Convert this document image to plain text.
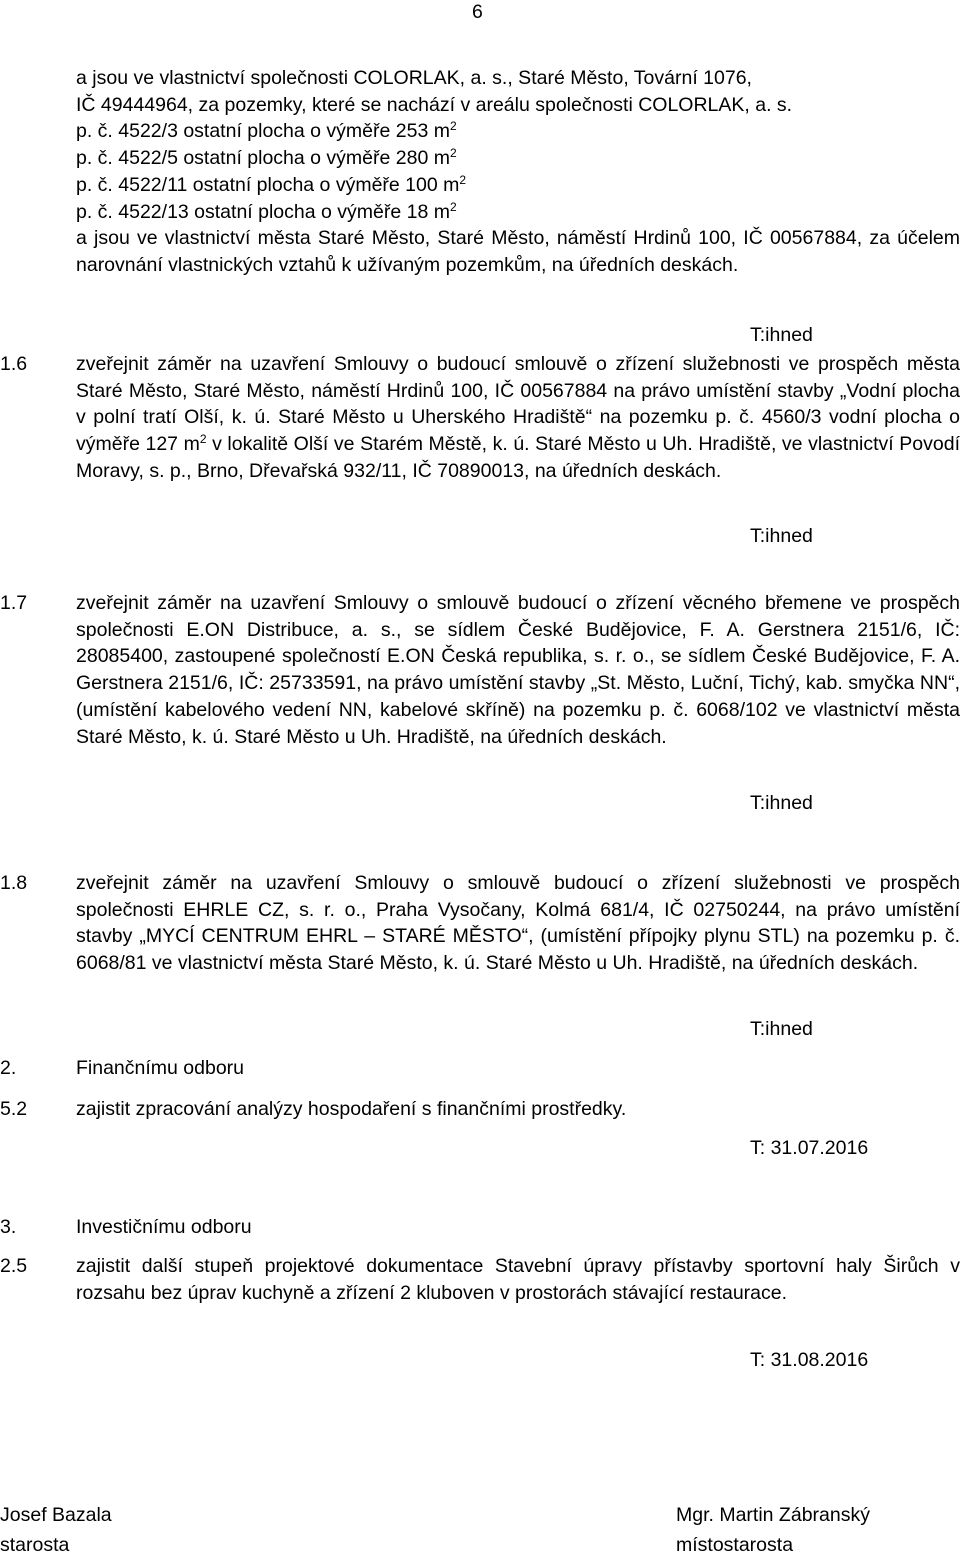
6
a jsou ve vlastnictví společnosti COLORLAK, a. s., Staré Město, Tovární 1076,
IČ 49444964, za pozemky, které se nachází v areálu společnosti COLORLAK, a. s.
p. č. 4522/3 ostatní plocha o výměře 253 $m^2$
p. č. 4522/5 ostatní plocha o výměře 280 $m^2$
p. č. 4522/11 ostatní plocha o výměře 100 $m^2$
p. č. 4522/13 ostatní plocha o výměře 18 $m^2$
a jsou ve vlastnictví města Staré Město, Staré Město, náměstí Hrdinů 100, IČ 00567884, za účelem narovnání vlastnických vztahů k užívaným pozemkům, na úředních deskách.
T:ihned
1.6	zveřejnit záměr na uzavření Smlouvy o budoucí smlouvě o zřízení služebnosti ve prospěch města Staré Město, Staré Město, náměstí Hrdinů 100, IČ 00567884 na právo umístění stavby „Vodní plocha v polní tratí Olší, k. ú. Staré Město u Uherského Hradiště“ na pozemku p. č. 4560/3 vodní plocha o výměře 127 $m^2$ v lokalitě Olší ve Starém Městě, k. ú. Staré Město u Uh. Hradiště, ve vlastnictví Povodí Moravy, s. p., Brno, Dřevařská 932/11, IČ 70890013, na úředních deskách.
T:ihned
1.7	zveřejnit záměr na uzavření Smlouvy o smlouvě budoucí o zřízení věcného břemene ve prospěch společnosti E.ON Distribuce, a. s., se sídlem České Budějovice, F. A. Gerstnera 2151/6, IČ: 28085400, zastoupené společností E.ON Česká republika, s. r. o., se sídlem České Budějovice, F. A. Gerstnera 2151/6, IČ: 25733591, na právo umístění stavby „St. Město, Luční, Tichý, kab. smyčka NN“, (umístění kabelového vedení NN, kabelové skříně) na pozemku p. č. 6068/102 ve vlastnictví města Staré Město, k. ú. Staré Město u Uh. Hradiště, na úředních deskách.
T:ihned
1.8	zveřejnit záměr na uzavření Smlouvy o smlouvě budoucí o zřízení služebnosti ve prospěch společnosti EHRLE CZ, s. r. o., Praha Vysočany, Kolmá 681/4, IČ 02750244, na právo umístění stavby „MYCÍ CENTRUM EHRL – STARÉ MĚSTO“, (umístění přípojky plynu STL) na pozemku p. č. 6068/81 ve vlastnictví města Staré Město, k. ú. Staré Město u Uh. Hradiště, na úředních deskách.
T:ihned
2.	Finančnímu odboru
5.2	zajistit zpracování analýzy hospodaření s finančními prostředky.
T: 31.07.2016
3.	Investičnímu odboru
2.5	zajistit další stupeň projektové dokumentace Stavební úpravy přístavby sportovní haly Širůch v rozsahu bez úprav kuchyně a zřízení 2 kluboven v prostorách stávající restaurace.
T: 31.08.2016
Josef Bazala
starosta
Mgr. Martin Zábranský
místostarosta
